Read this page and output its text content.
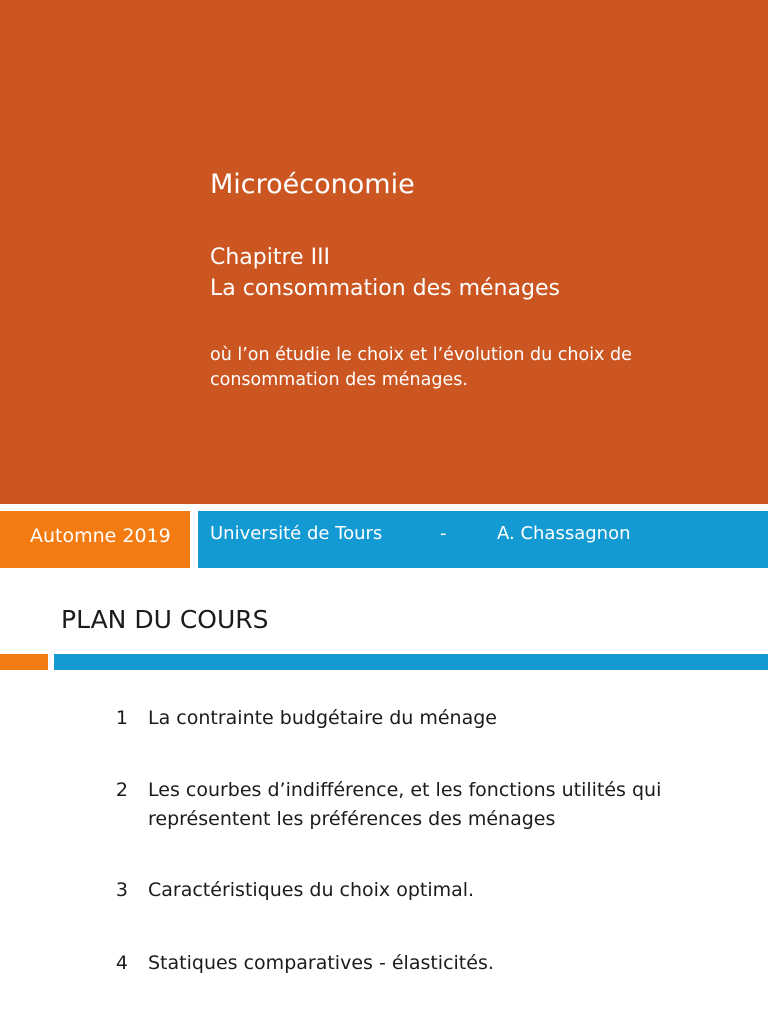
Microéconomie
Chapitre III
La consommation des ménages
où l’on étudie le choix et l’évolution du choix de consommation des ménages.
Automne 2019 Université de Tours	-	A. Chassagnon
PLAN DU COURS
1 La contrainte budgétaire du ménage
2 Les courbes d’indifférence, et les fonctions utilités qui représentent les préférences des ménages
3 Caractéristiques du choix optimal.
4 Statiques comparatives - élasticités.
